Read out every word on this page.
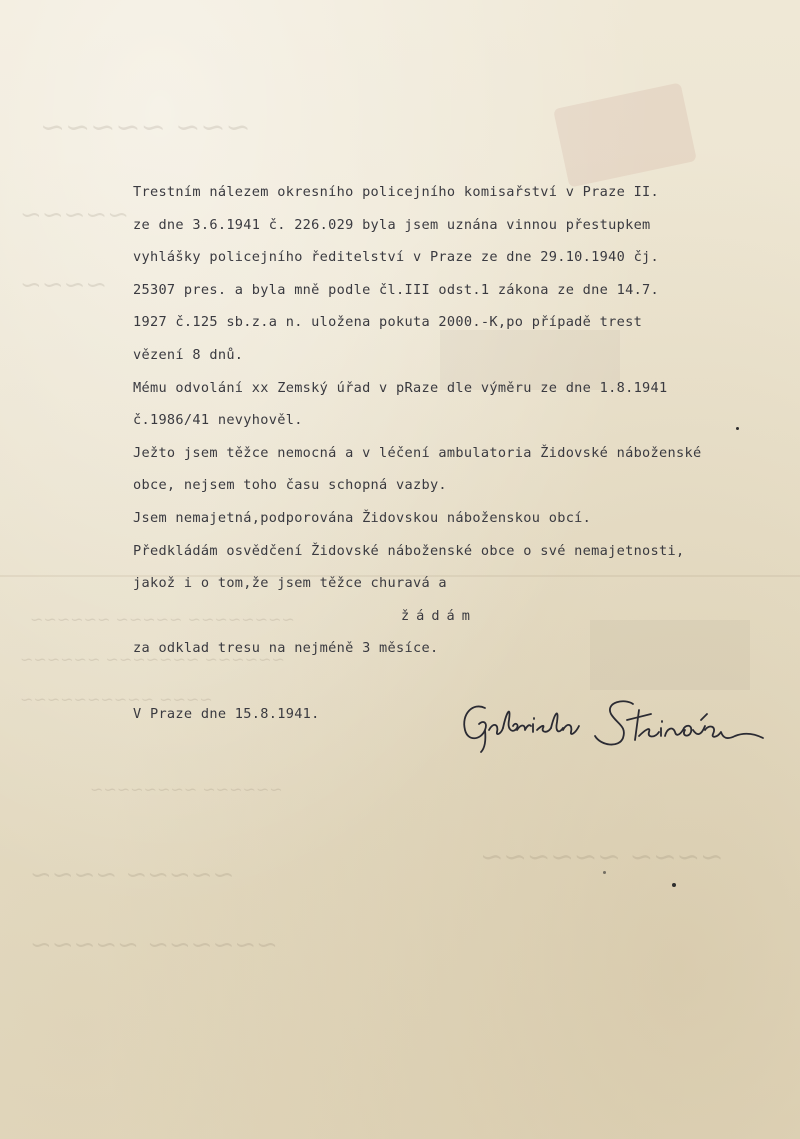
~~~ ~~~~~
~~~~~
~~~~
~~~~~~~~ ~~~~~ ~~~~~~
~~~~~~ ~~~~~~~ ~~~~~~
~~~~ ~~~~~~~~~~
~~~~~~ ~~~~~~~~
~~~~~ ~~~~
~~~~~~ ~~~~~
~~~~ ~~~~~~
Trestním nálezem okresního policejního komisařství v Praze II.
ze dne 3.6.1941 č. 226.029 byla jsem uznána vinnou přestupkem
vyhlášky policejního ředitelství v Praze ze dne 29.10.1940 čj.
25307 pres. a byla mně podle čl.III odst.1 zákona ze dne 14.7.
1927 č.125 sb.z.a n. uložena pokuta 2000.-K,po případě trest
vězení 8 dnů.
Mému odvolání xx Zemský úřad v pRaze dle výměru ze dne 1.8.1941
č.1986/41 nevyhověl.
Ježto jsem těžce nemocná a v léčení ambulatoria Židovské náboženské
obce, nejsem toho času schopná vazby.
Jsem nemajetná,podporována Židovskou náboženskou obcí.
Předkládám osvědčení Židovské náboženské obce o své nemajetnosti,
jakož i o tom,že jsem těžce churavá a
žádám
za odklad tresu na nejméně 3 měsíce.
V Praze dne 15.8.1941.
